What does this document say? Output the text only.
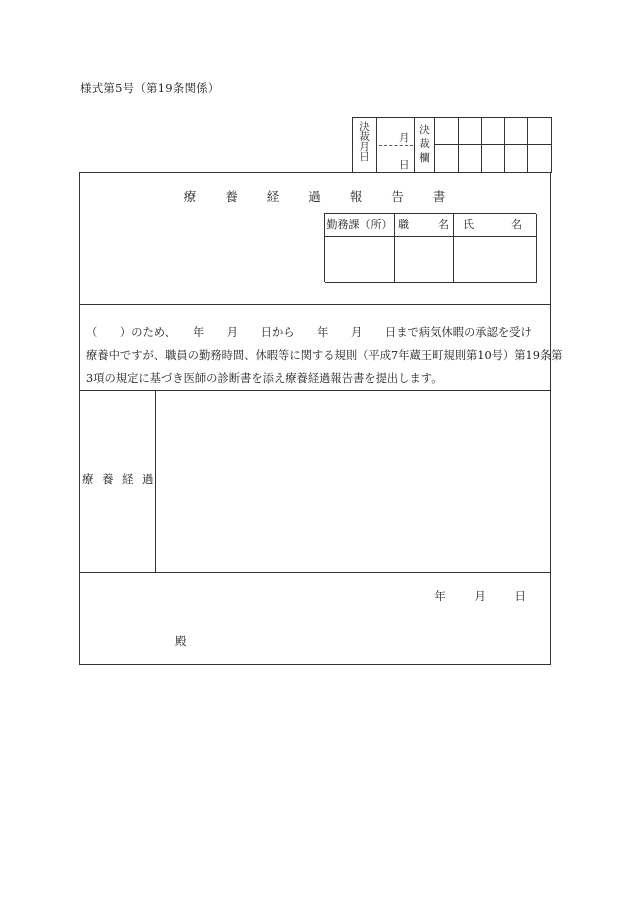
様式第5号（第19条関係）
決
裁
月
日
月
日
決
裁
欄
療 養 経 過 報 告 書
勤務課（所） 職	名 氏	名
（　　）のため、　　年　　月　　日から　　年　　月　　日まで病気休暇の承認を受け
療養中ですが、職員の勤務時間、休暇等に関する規則（平成7年蔵王町規則第10号）第19条第
3項の規定に基づき医師の診断書を添え療養経過報告書を提出します。
療 養 経 過
年 月 日
殿
